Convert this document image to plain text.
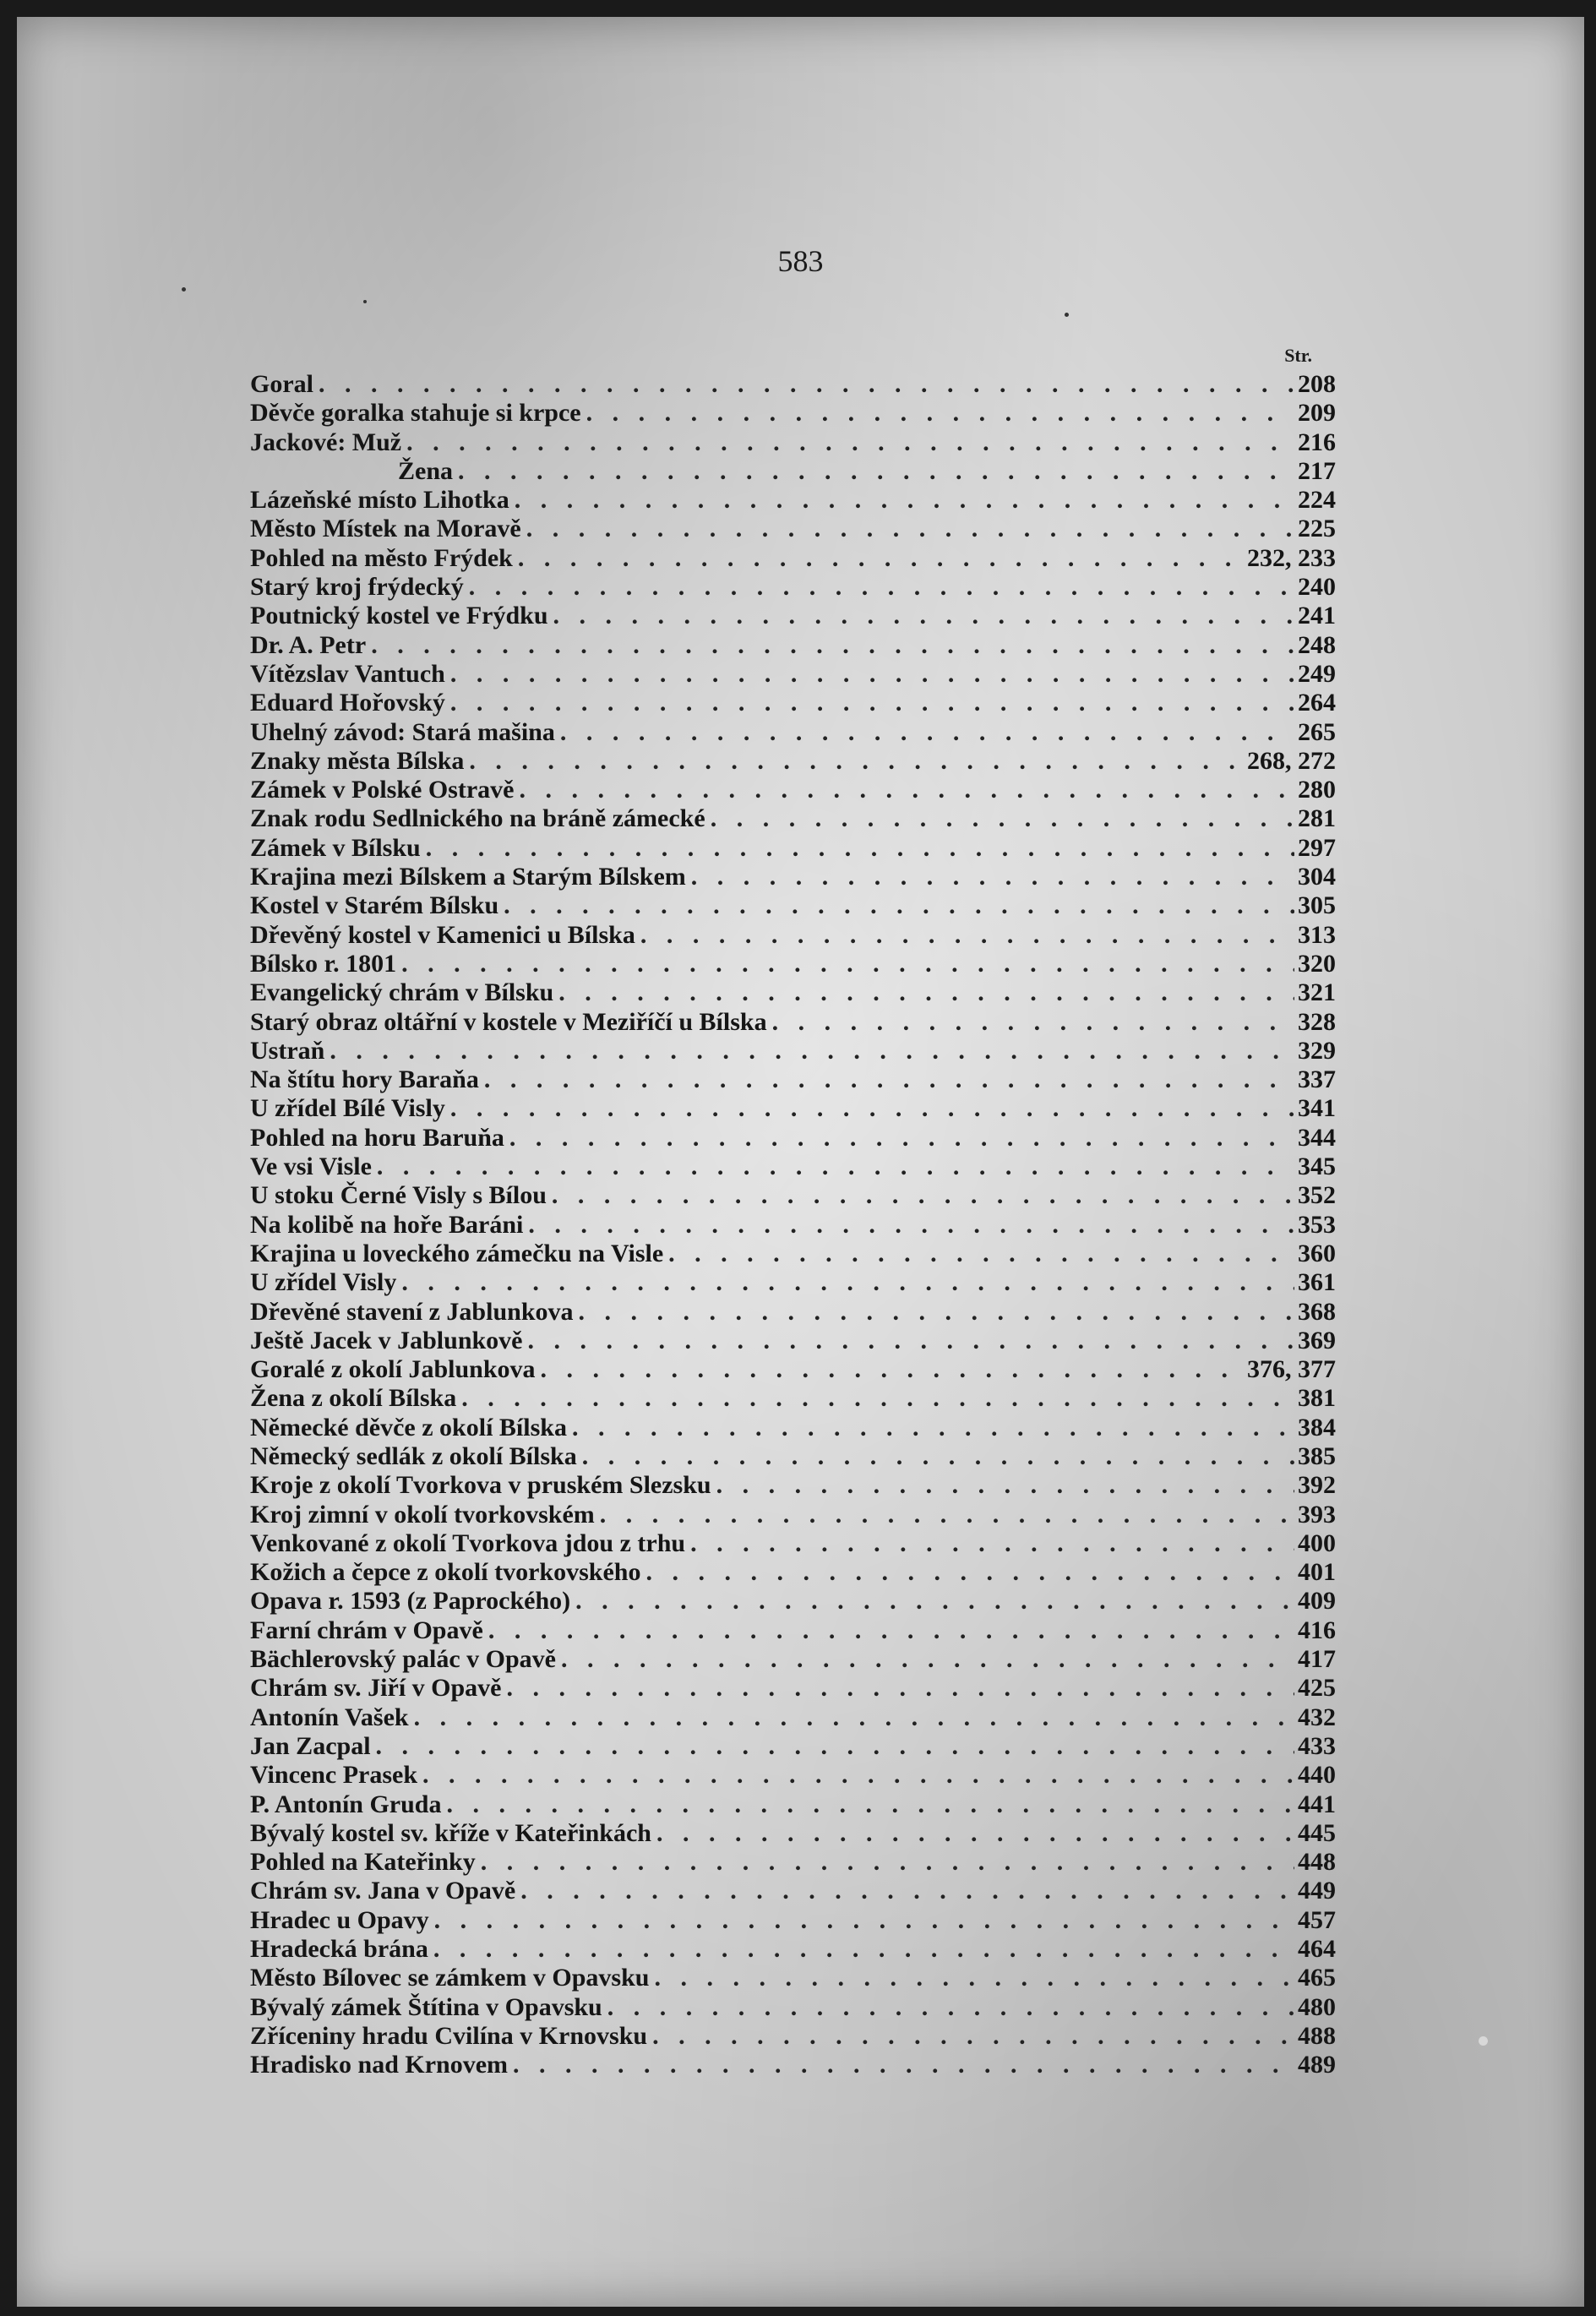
583
Str.
Goral . . .	208
Děvče goralka stahuje si krpce . . .	209
Jackové: Muž . . .	216
Žena . . .	217
Lázeňské místo Lihotka . . .	224
Město Místek na Moravě . . .	225
Pohled na město Frýdek . . .	232, 233
Starý kroj frýdecký . . .	240
Poutnický kostel ve Frýdku . . .	241
Dr. A. Petr . . .	248
Vítězslav Vantuch . . .	249
Eduard Hořovský . . .	264
Uhelný závod: Stará mašina . . .	265
Znaky města Bílska . . .	268, 272
Zámek v Polské Ostravě . . .	280
Znak rodu Sedlnického na bráně zámecké . . .	281
Zámek v Bílsku . . .	297
Krajina mezi Bílskem a Starým Bílskem . . .	304
Kostel v Starém Bílsku . . .	305
Dřevěný kostel v Kamenici u Bílska . . .	313
Bílsko r. 1801 . . .	320
Evangelický chrám v Bílsku . . .	321
Starý obraz oltářní v kostele v Meziříčí u Bílska . . .	328
Ustraň . . .	329
Na štítu hory Baraňa . . .	337
U zřídel Bílé Visly . . .	341
Pohled na horu Baruňa . . .	344
Ve vsi Visle . . .	345
U stoku Černé Visly s Bílou . . .	352
Na kolibě na hoře Baráni . . .	353
Krajina u loveckého zámečku na Visle . . .	360
U zřídel Visly . . .	361
Dřevěné stavení z Jablunkova . . .	368
Ještě Jacek v Jablunkově . . .	369
Goralé z okolí Jablunkova . . .	376, 377
Žena z okolí Bílska . . .	381
Německé děvče z okolí Bílska . . .	384
Německý sedlák z okolí Bílska . . .	385
Kroje z okolí Tvorkova v pruském Slezsku . . .	392
Kroj zimní v okolí tvorkovském . . .	393
Venkované z okolí Tvorkova jdou z trhu . . .	400
Kožich a čepce z okolí tvorkovského . . .	401
Opava r. 1593 (z Paprockého) . . .	409
Farní chrám v Opavě . . .	416
Bächlerovský palác v Opavě . . .	417
Chrám sv. Jiří v Opavě . . .	425
Antonín Vašek . . .	432
Jan Zacpal . . .	433
Vincenc Prasek . . .	440
P. Antonín Gruda . . .	441
Bývalý kostel sv. kříže v Kateřinkách . . .	445
Pohled na Kateřinky . . .	448
Chrám sv. Jana v Opavě . . .	449
Hradec u Opavy . . .	457
Hradecká brána . . .	464
Město Bílovec se zámkem v Opavsku . . .	465
Bývalý zámek Štítina v Opavsku . . .	480
Zříceniny hradu Cvilína v Krnovsku . . .	488
Hradisko nad Krnovem . . .	489
